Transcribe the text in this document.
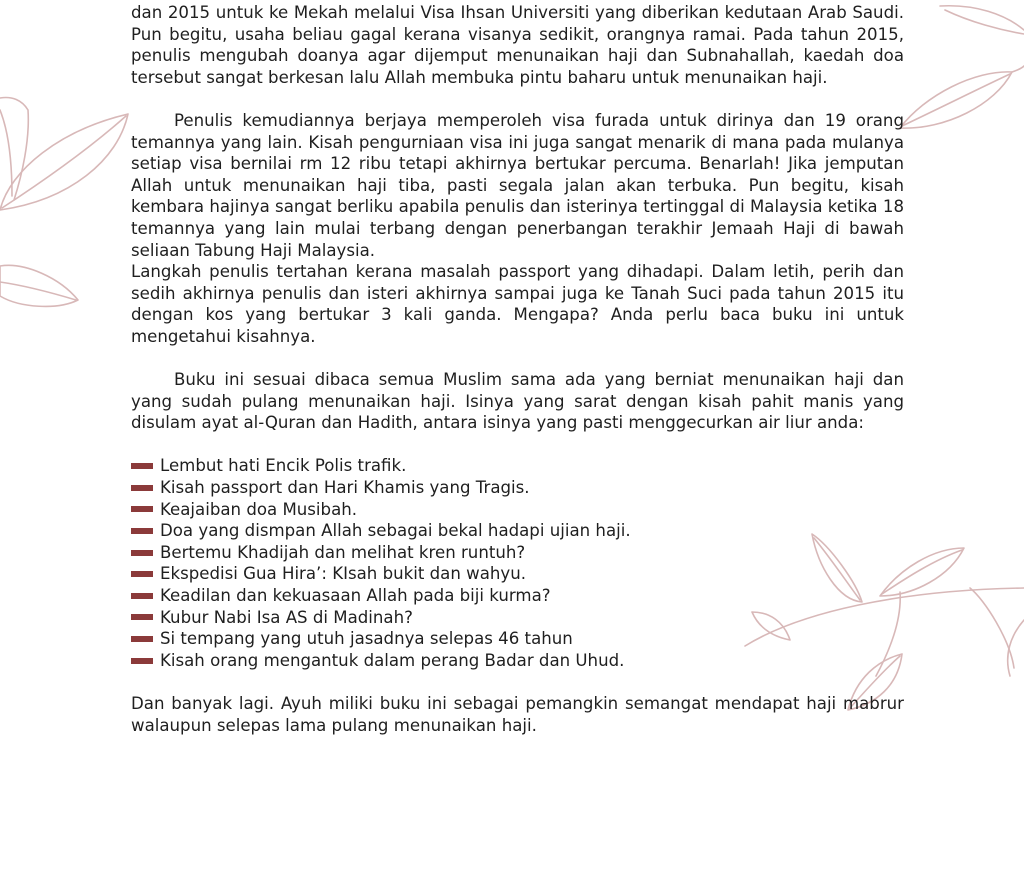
dan 2015 untuk ke Mekah melalui Visa Ihsan Universiti yang diberikan kedutaan Arab Saudi. Pun begitu, usaha beliau gagal kerana visanya sedikit, orangnya ramai. Pada tahun 2015, penulis mengubah doanya agar dijemput menunaikan haji dan Subnahallah, kaedah doa tersebut sangat berkesan lalu Allah membuka pintu baharu untuk menunaikan haji.

Penulis kemudiannya berjaya memperoleh visa furada untuk dirinya dan 19 orang temannya yang lain. Kisah pengurniaan visa ini juga sangat menarik di mana pada mulanya setiap visa bernilai rm 12 ribu tetapi akhirnya bertukar percuma. Benarlah! Jika jemputan Allah untuk menunaikan haji tiba, pasti segala jalan akan terbuka. Pun begitu, kisah kembara hajinya sangat berliku apabila penulis dan isterinya tertinggal di Malaysia ketika 18 temannya yang lain mulai terbang dengan penerbangan terakhir Jemaah Haji di bawah seliaan Tabung Haji Malaysia.

Langkah penulis tertahan kerana masalah passport yang dihadapi. Dalam letih, perih dan sedih akhirnya penulis dan isteri akhirnya sampai juga ke Tanah Suci pada tahun 2015 itu dengan kos yang bertukar 3 kali ganda. Mengapa? Anda perlu baca buku ini untuk mengetahui kisahnya.

Buku ini sesuai dibaca semua Muslim sama ada yang berniat menunaikan haji dan yang sudah pulang menunaikan haji. Isinya yang sarat dengan kisah pahit manis yang disulam ayat al-Quran dan Hadith, antara isinya yang pasti menggecurkan air liur anda:

Lembut hati Encik Polis trafik.
Kisah passport dan Hari Khamis yang Tragis.
Keajaiban doa Musibah.
Doa yang dismpan Allah sebagai bekal hadapi ujian haji.
Bertemu Khadijah dan melihat kren runtuh?
Ekspedisi Gua Hira’: KIsah bukit dan wahyu.
Keadilan dan kekuasaan Allah pada biji kurma?
Kubur Nabi Isa AS di Madinah?
Si tempang yang utuh jasadnya selepas 46 tahun
Kisah orang mengantuk dalam perang Badar dan Uhud.

Dan banyak lagi. Ayuh miliki buku ini sebagai pemangkin semangat mendapat haji mabrur walaupun selepas lama pulang menunaikan haji.
